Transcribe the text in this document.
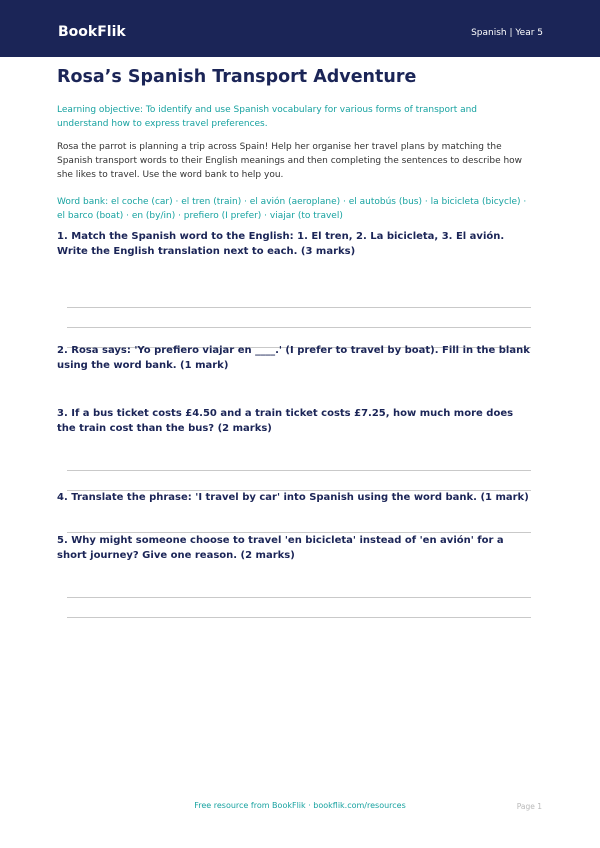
BookFlik	Spanish | Year 5
Rosa’s Spanish Transport Adventure

Learning objective: To identify and use Spanish vocabulary for various forms of transport and understand how to express travel preferences.

Rosa the parrot is planning a trip across Spain! Help her organise her travel plans by matching the Spanish transport words to their English meanings and then completing the sentences to describe how she likes to travel. Use the word bank to help you.

Word bank: el coche (car) · el tren (train) · el avión (aeroplane) · el autobús (bus) · la bicicleta (bicycle) · el barco (boat) · en (by/in) · prefiero (I prefer) · viajar (to travel)

1. Match the Spanish word to the English: 1. El tren, 2. La bicicleta, 3. El avión. Write the English translation next to each. (3 marks)

2. Rosa says: 'Yo prefiero viajar en ____.' (I prefer to travel by boat). Fill in the blank using the word bank. (1 mark)

3. If a bus ticket costs £4.50 and a train ticket costs £7.25, how much more does the train cost than the bus? (2 marks)

4. Translate the phrase: 'I travel by car' into Spanish using the word bank. (1 mark)

5. Why might someone choose to travel 'en bicicleta' instead of 'en avión' for a short journey? Give one reason. (2 marks)

Free resource from BookFlik · bookflik.com/resources	Page 1
